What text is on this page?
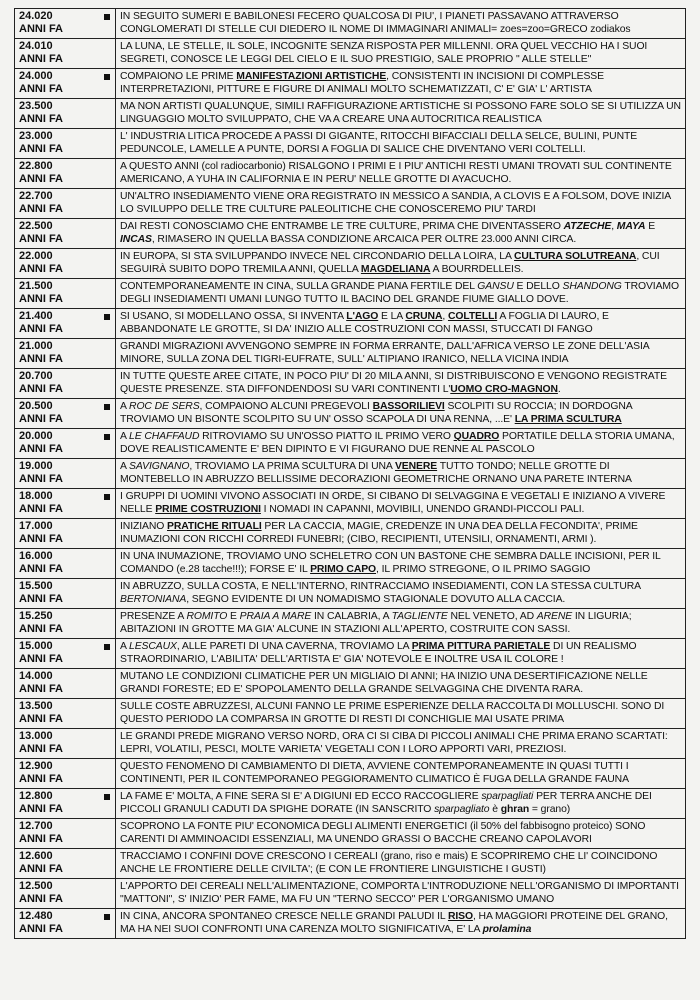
24.020
ANNI FA	IN SEGUITO SUMERI E BABILONESI FECERO QUALCOSA DI PIU', I PIANETI PASSAVANO ATTRAVERSO CONGLOMERATI DI STELLE CUI DIEDERO IL NOME DI IMMAGINARI ANIMALI= zoes=zoo=GRECO zodiakos

24.010
ANNI FA	LA LUNA, LE STELLE, IL SOLE, INCOGNITE SENZA RISPOSTA PER MILLENNI. ORA QUEL VECCHIO HA I SUOI SEGRETI, CONOSCE LE LEGGI DEL CIELO E IL SUO PRESTIGIO, SALE PROPRIO " ALLE STELLE"

24.000
ANNI FA	COMPAIONO LE PRIME MANIFESTAZIONI ARTISTICHE, CONSISTENTI IN INCISIONI DI COMPLESSE INTERPRETAZIONI, PITTURE E FIGURE DI ANIMALI MOLTO SCHEMATIZZATI, C' E' GIA' L' ARTISTA

23.500
ANNI FA	MA NON ARTISTI QUALUNQUE, SIMILI RAFFIGURAZIONE ARTISTICHE SI POSSONO FARE SOLO SE SI UTILIZZA UN LINGUAGGIO MOLTO SVILUPPATO, CHE VA A CREARE UNA AUTOCRITICA REALISTICA

23.000
ANNI FA	L' INDUSTRIA LITICA PROCEDE A PASSI DI GIGANTE, RITOCCHI BIFACCIALI DELLA SELCE, BULINI, PUNTE PEDUNCOLE, LAMELLE A PUNTE, DORSI A FOGLIA DI SALICE CHE DIVENTANO VERI COLTELLI.

22.800
ANNI FA	A QUESTO ANNI (col radiocarbonio) RISALGONO I PRIMI E I PIU' ANTICHI RESTI UMANI TROVATI SUL CONTINENTE AMERICANO, A YUHA IN CALIFORNIA E IN PERU' NELLE GROTTE DI AYACUCHO.

22.700
ANNI FA	UN'ALTRO INSEDIAMENTO VIENE ORA REGISTRATO IN MESSICO A SANDIA, A CLOVIS E A FOLSOM, DOVE INIZIA LO SVILUPPO DELLE TRE CULTURE PALEOLITICHE CHE CONOSCEREMO PIU' TARDI

22.500
ANNI FA	DAI RESTI CONOSCIAMO CHE ENTRAMBE LE TRE CULTURE, PRIMA CHE DIVENTASSERO ATZECHE, MAYA E INCAS, RIMASERO IN QUELLA BASSA CONDIZIONE ARCAICA PER OLTRE 23.000 ANNI CIRCA.

22.000
ANNI FA	IN EUROPA, SI STA SVILUPPANDO INVECE NEL CIRCONDARIO DELLA LOIRA, LA CULTURA SOLUTREANA, CUI SEGUIRÀ SUBITO DOPO TREMILA ANNI, QUELLA MAGDELIANA A BOURRDELLEIS.

21.500
ANNI FA	CONTEMPORANEAMENTE IN CINA, SULLA GRANDE PIANA FERTILE DEL GANSU E DELLO SHANDONG TROVIAMO DEGLI INSEDIAMENTI UMANI LUNGO TUTTO IL BACINO DEL GRANDE FIUME GIALLO DOVE.

21.400
ANNI FA	SI USANO, SI MODELLANO OSSA, SI INVENTA L'AGO E LA CRUNA, COLTELLI A FOGLIA DI LAURO, E ABBANDONATE LE GROTTE, SI DA' INIZIO ALLE COSTRUZIONI CON MASSI, STUCCATI DI FANGO

21.000
ANNI FA	GRANDI MIGRAZIONI AVVENGONO SEMPRE IN FORMA ERRANTE, DALL'AFRICA VERSO LE ZONE DELL'ASIA MINORE, SULLA ZONA DEL TIGRI-EUFRATE, SULL' ALTIPIANO IRANICO, NELLA VICINA INDIA

20.700
ANNI FA	IN TUTTE QUESTE AREE CITATE, IN POCO PIU' DI 20 MILA ANNI, SI DISTRIBUISCONO E VENGONO REGISTRATE QUESTE PRESENZE. STA DIFFONDENDOSI SU VARI CONTINENTI L'UOMO CRO-MAGNON.

20.500
ANNI FA	A ROC DE SERS, COMPAIONO ALCUNI PREGEVOLI BASSORILIEVI SCOLPITI SU ROCCIA; IN DORDOGNA TROVIAMO UN BISONTE SCOLPITO SU UN' OSSO SCAPOLA DI UNA RENNA, ...E' LA PRIMA SCULTURA

20.000
ANNI FA	A LE CHAFFAUD RITROVIAMO SU UN'OSSO PIATTO IL PRIMO VERO QUADRO PORTATILE DELLA STORIA UMANA, DOVE REALISTICAMENTE E' BEN DIPINTO E VI FIGURANO DUE RENNE AL PASCOLO

19.000
ANNI FA	A SAVIGNANO, TROVIAMO LA PRIMA SCULTURA DI UNA VENERE TUTTO TONDO; NELLE GROTTE DI MONTEBELLO IN ABRUZZO BELLISSIME DECORAZIONI GEOMETRICHE ORNANO UNA PARETE INTERNA

18.000
ANNI FA	I GRUPPI DI UOMINI VIVONO ASSOCIATI IN ORDE, SI CIBANO DI SELVAGGINA E VEGETALI E INIZIANO A VIVERE NELLE PRIME COSTRUZIONI I NOMADI IN CAPANNI, MOVIBILI, UNENDO GRANDI-PICCOLI PALI.

17.000
ANNI FA	INIZIANO PRATICHE RITUALI PER LA CACCIA, MAGIE, CREDENZE IN UNA DEA DELLA FECONDITA', PRIME INUMAZIONI CON RICCHI CORREDI FUNEBRI; (CIBO, RECIPIENTI, UTENSILI, ORNAMENTI, ARMI ).

16.000
ANNI FA	IN UNA INUMAZIONE, TROVIAMO UNO SCHELETRO CON UN BASTONE CHE SEMBRA DALLE INCISIONI, PER IL COMANDO (e.28 tacche!!!); FORSE E' IL PRIMO CAPO, IL PRIMO STREGONE, O IL PRIMO SAGGIO

15.500
ANNI FA	IN ABRUZZO, SULLA COSTA, E NELL'INTERNO, RINTRACCIAMO INSEDIAMENTI, CON LA STESSA CULTURA BERTONIANA, SEGNO EVIDENTE DI UN NOMADISMO STAGIONALE DOVUTO ALLA CACCIA.

15.250
ANNI FA	PRESENZE A ROMITO E PRAIA A MARE IN CALABRIA, A TAGLIENTE NEL VENETO, AD ARENE IN LIGURIA; ABITAZIONI IN GROTTE MA GIA' ALCUNE IN STAZIONI ALL'APERTO, COSTRUITE CON SASSI.

15.000
ANNI FA	A LESCAUX, ALLE PARETI DI UNA CAVERNA, TROVIAMO LA PRIMA PITTURA PARIETALE DI UN REALISMO STRAORDINARIO, L'ABILITA' DELL'ARTISTA E' GIA' NOTEVOLE E INOLTRE USA IL COLORE !

14.000
ANNI FA	MUTANO LE CONDIZIONI CLIMATICHE PER UN MIGLIAIO DI ANNI; HA INIZIO UNA DESERTIFICAZIONE NELLE GRANDI FORESTE; ED E' SPOPOLAMENTO DELLA GRANDE SELVAGGINA CHE DIVENTA RARA.

13.500
ANNI FA	SULLE COSTE ABRUZZESI, ALCUNI FANNO LE PRIME ESPERIENZE DELLA RACCOLTA DI MOLLUSCHI. SONO DI QUESTO PERIODO LA COMPARSA IN GROTTE DI RESTI DI CONCHIGLIE MAI USATE PRIMA

13.000
ANNI FA	LE GRANDI PREDE MIGRANO VERSO NORD, ORA CI SI CIBA DI PICCOLI ANIMALI CHE PRIMA ERANO SCARTATI: LEPRI, VOLATILI, PESCI, MOLTE VARIETA' VEGETALI CON I LORO APPORTI VARI, PREZIOSI.

12.900
ANNI FA	QUESTO FENOMENO DI CAMBIAMENTO DI DIETA, AVVIENE CONTEMPORANEAMENTE IN QUASI TUTTI I CONTINENTI, PER IL CONTEMPORANEO PEGGIORAMENTO CLIMATICO È FUGA DELLA GRANDE FAUNA

12.800
ANNI FA	LA FAME E' MOLTA, A FINE SERA SI E' A DIGIUNI ED ECCO RACCOGLIERE sparpagliati PER TERRA ANCHE DEI PICCOLI GRANULI CADUTI DA SPIGHE DORATE (IN SANSCRITO sparpagliato è ghran = grano)

12.700
ANNI FA	SCOPRONO LA FONTE PIU' ECONOMICA DEGLI ALIMENTI ENERGETICI (il 50% del fabbisogno proteico) SONO CARENTI DI AMMINOACIDI ESSENZIALI, MA UNENDO GRASSI O BACCHE CREANO CAPOLAVORI

12.600
ANNI FA	TRACCIAMO I CONFINI DOVE CRESCONO I CEREALI (grano, riso e mais) E SCOPRIREMO CHE LI' COINCIDONO ANCHE LE FRONTIERE DELLE CIVILTA'; (E CON LE FRONTIERE LINGUISTICHE I GUSTI)

12.500
ANNI FA	L'APPORTO DEI CEREALI NELL'ALIMENTAZIONE, COMPORTA L'INTRODUZIONE NELL'ORGANISMO DI IMPORTANTI "MATTONI", S' INIZIO' PER FAME, MA FU UN "TERNO SECCO" PER L'ORGANISMO UMANO

12.480
ANNI FA	IN CINA, ANCORA SPONTANEO CRESCE NELLE GRANDI PALUDI IL RISO, HA MAGGIORI PROTEINE DEL GRANO, MA HA NEI SUOI CONFRONTI UNA CARENZA MOLTO SIGNIFICATIVA, E' LA prolamina
